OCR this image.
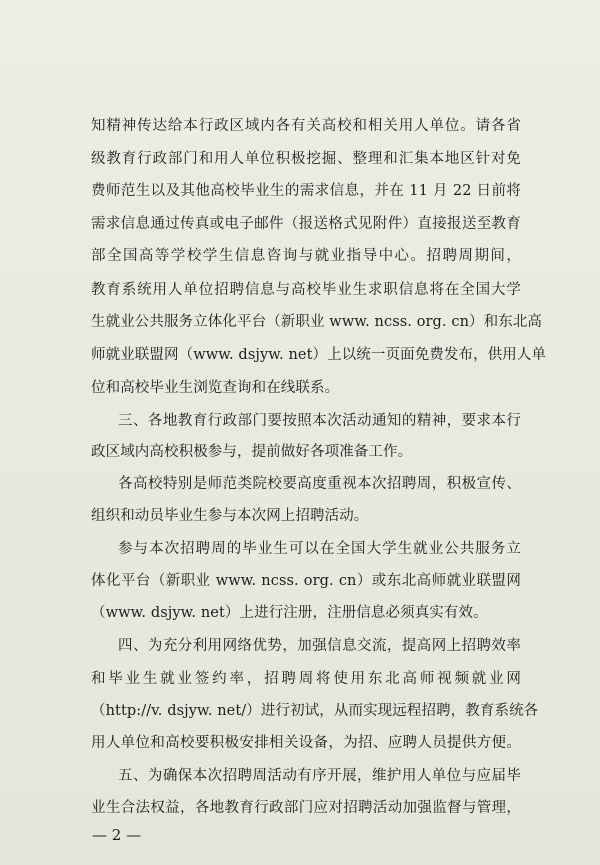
知精神传达给本行政区域内各有关高校和相关用人单位。请各省
级教育行政部门和用人单位积极挖掘、整理和汇集本地区针对免
费师范生以及其他高校毕业生的需求信息，并在 11 月 22 日前将
需求信息通过传真或电子邮件（报送格式见附件）直接报送至教育
部全国高等学校学生信息咨询与就业指导中心。招聘周期间，
教育系统用人单位招聘信息与高校毕业生求职信息将在全国大学
生就业公共服务立体化平台（新职业 www. ncss. org. cn）和东北高
师就业联盟网（www. dsjyw. net）上以统一页面免费发布，供用人单
位和高校毕业生浏览查询和在线联系。
三、各地教育行政部门要按照本次活动通知的精神，要求本行
政区域内高校积极参与，提前做好各项准备工作。
各高校特别是师范类院校要高度重视本次招聘周，积极宣传、
组织和动员毕业生参与本次网上招聘活动。
参与本次招聘周的毕业生可以在全国大学生就业公共服务立
体化平台（新职业 www. ncss. org. cn）或东北高师就业联盟网
（www. dsjyw. net）上进行注册，注册信息必须真实有效。
四、为充分利用网络优势，加强信息交流，提高网上招聘效率
和毕业生就业签约率，招聘周将使用东北高师视频就业网
（http://v. dsjyw. net/）进行初试，从而实现远程招聘，教育系统各
用人单位和高校要积极安排相关设备，为招、应聘人员提供方便。
五、为确保本次招聘周活动有序开展，维护用人单位与应届毕
业生合法权益，各地教育行政部门应对招聘活动加强监督与管理，
— 2 —
